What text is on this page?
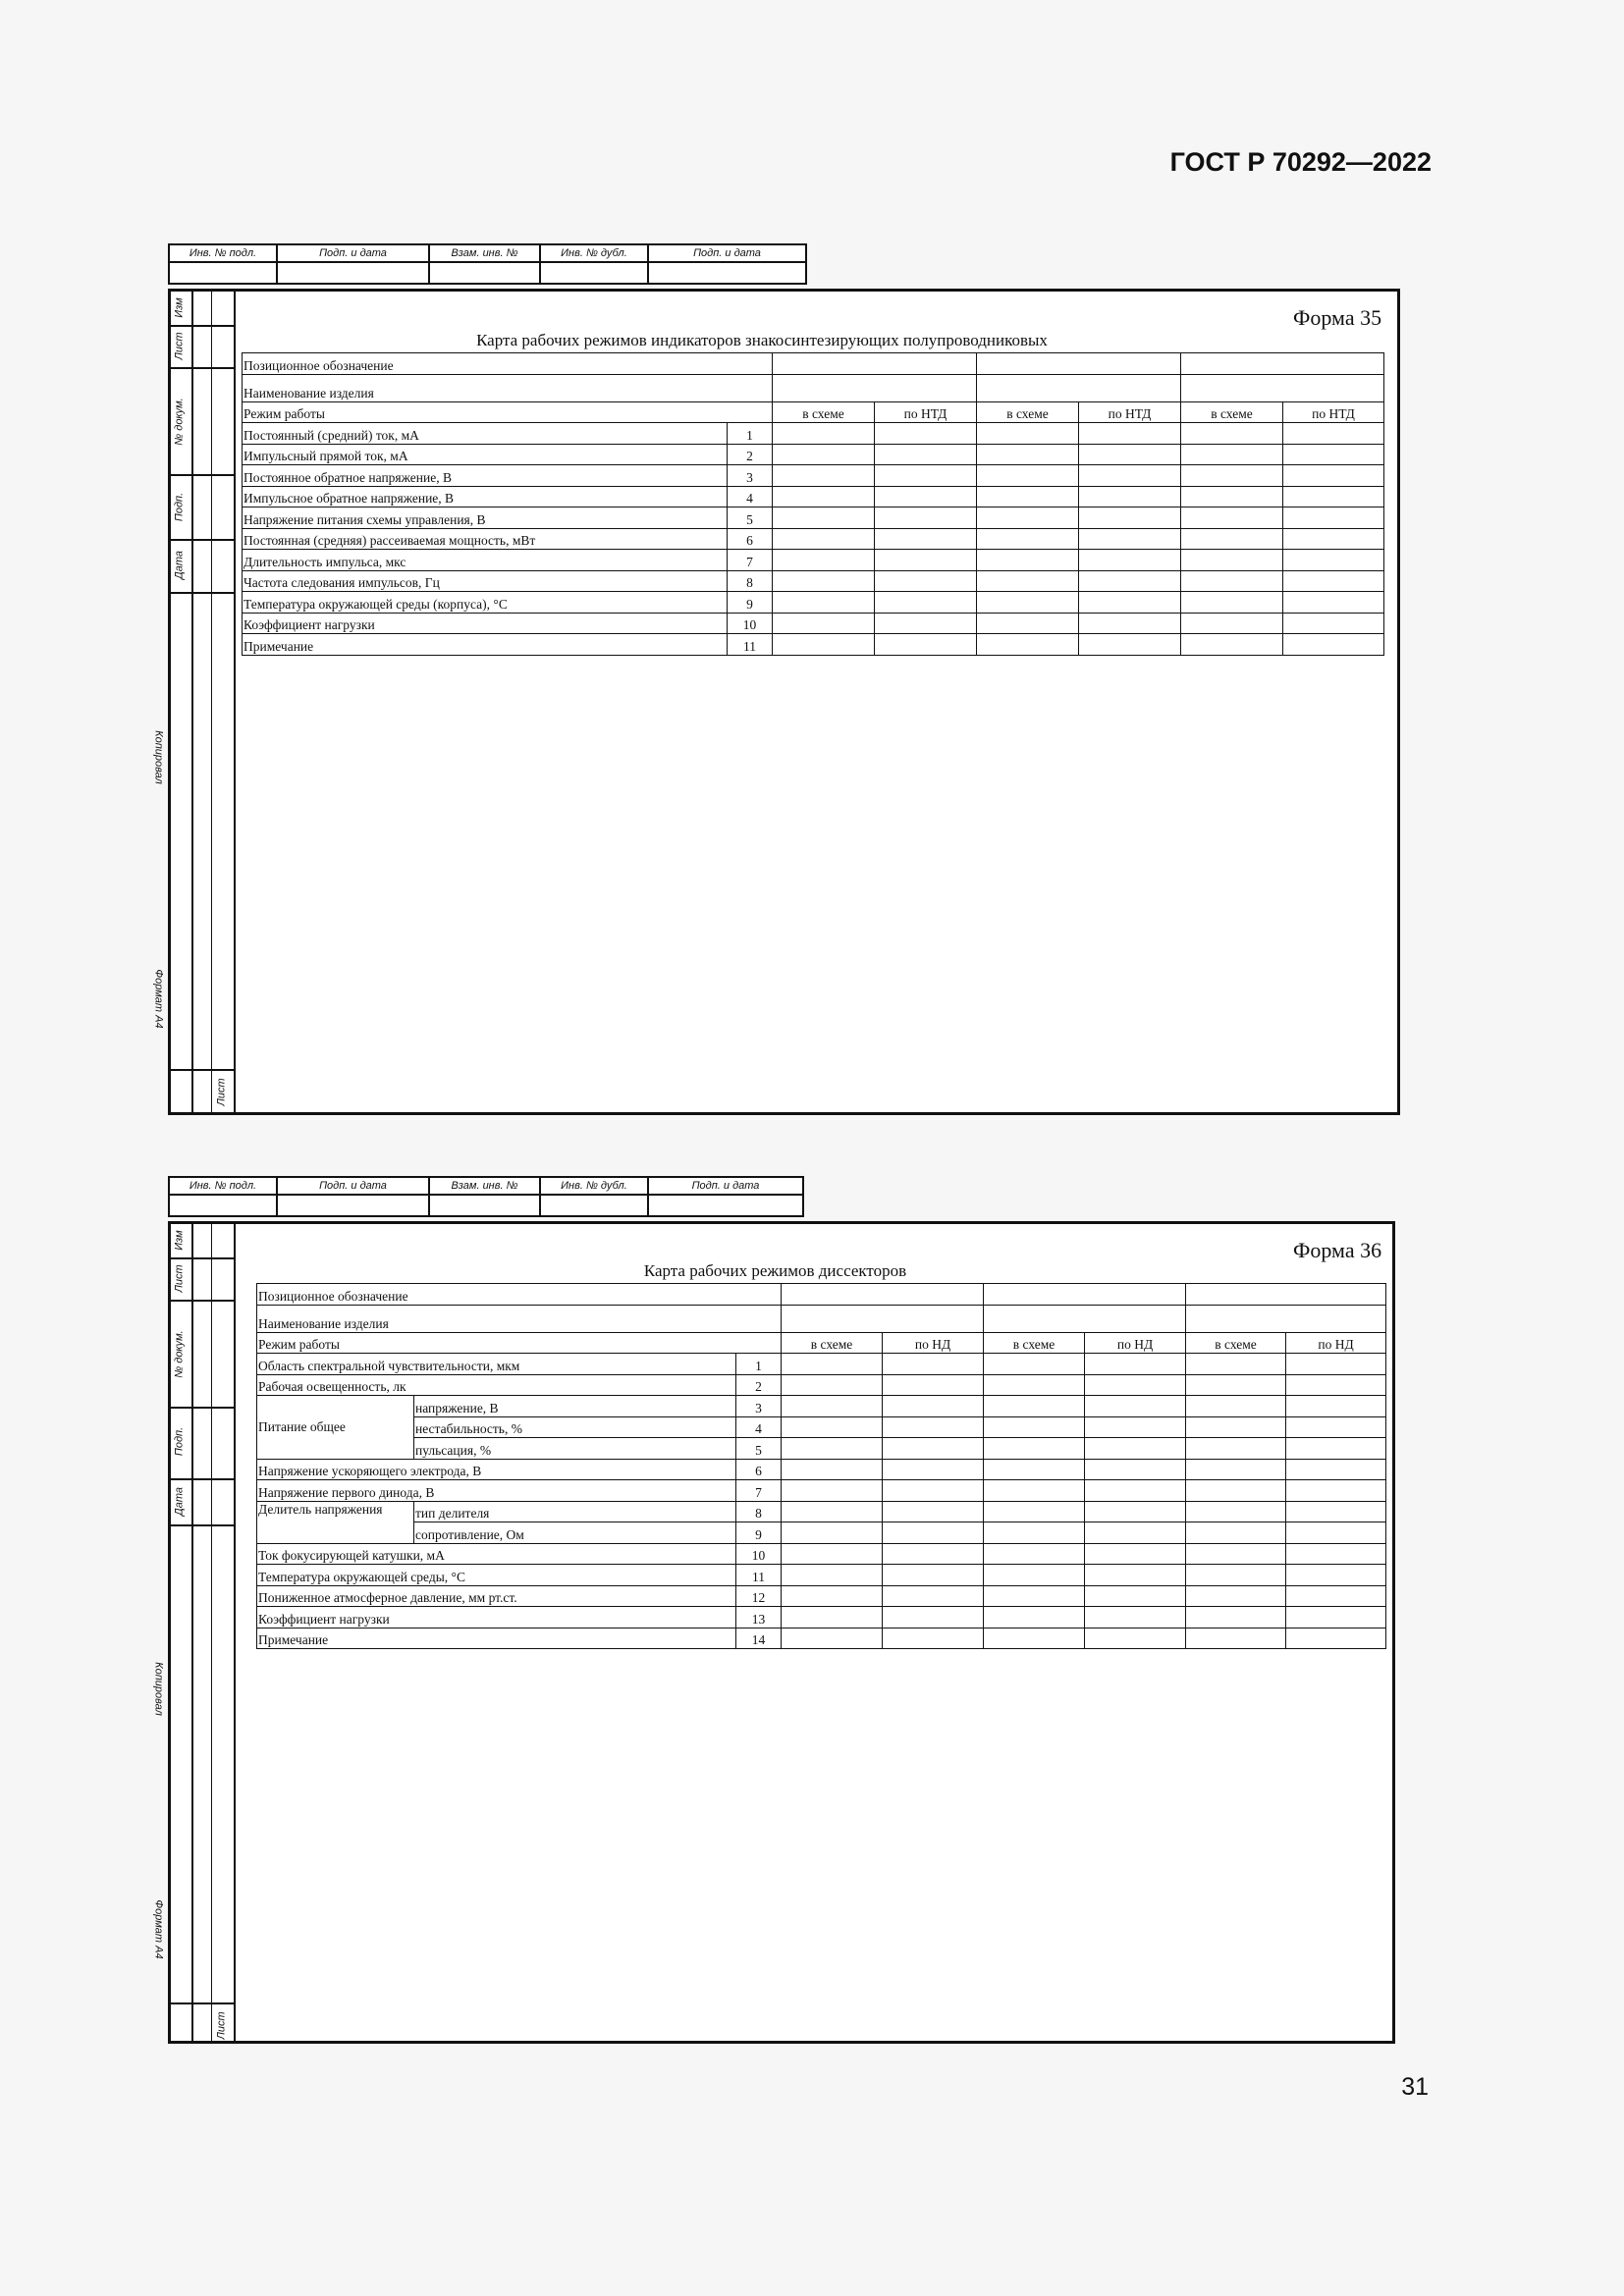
ГОСТ Р 70292—2022
Инв. № подл.	Подп. и дата	Взам. инв. №	Инв. № дубл.	Подп. и дата

Изм
Лист
№ докум.
Подп.
Дата
Лист
Форма 35
Карта рабочих режимов индикаторов знакосинтезирующих полупроводниковых
Позиционное обозначение							
Наименование изделия							
Режим работы		в схеме	по НТД	в схеме	по НТД	в схеме	по НТД
Постоянный (средний) ток, мА	1						
Импульсный прямой ток, мА	2						
Постоянное обратное напряжение, В	3						
Импульсное обратное напряжение, В	4						
Напряжение питания схемы управления, В	5						
Постоянная (средняя) рассеиваемая мощность, мВт	6						
Длительность импульса, мкс	7						
Частота следования импульсов, Гц	8						
Температура окружающей среды (корпуса), °С	9						
Коэффициент нагрузки	10						
Примечание	11						
Копировал
Формат А4
Инв. № подл.	Подп. и дата	Взам. инв. №	Инв. № дубл.	Подп. и дата

Изм
Лист
№ докум.
Подп.
Дата
Лист
Форма 36
Карта рабочих режимов диссекторов
Позиционное обозначение								
Наименование изделия								
Режим работы			в схеме	по НД	в схеме	по НД	в схеме	по НД
Область спектральной чувствительности, мкм		1						
Рабочая освещенность, лк		2						
Питание общее	напряжение, В	3						
	нестабильность, %	4						
	пульсация, %	5						
Напряжение ускоряющего электрода, В		6						
Напряжение первого динода, В		7						
Делитель напряжения	тип делителя	8						
	сопротивление, Ом	9						
Ток фокусирующей катушки, мА		10						
Температура окружающей среды, °С		11						
Пониженное атмосферное давление, мм рт.ст.		12						
Коэффициент нагрузки		13						
Примечание		14						
Копировал
Формат А4
31
